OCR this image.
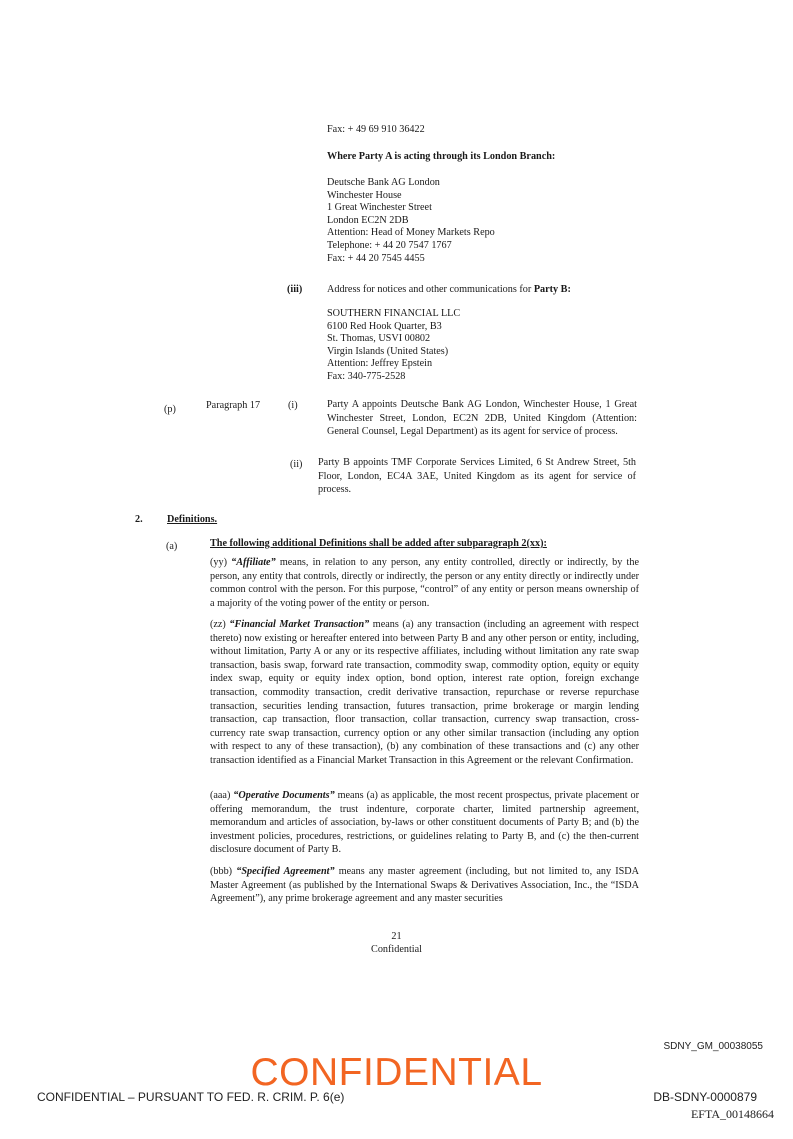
Fax: + 49 69 910 36422
Where Party A is acting through its London Branch:
Deutsche Bank AG London
Winchester House
1 Great Winchester Street
London EC2N 2DB
Attention: Head of Money Markets Repo
Telephone: + 44 20 7547 1767
Fax: + 44 20 7545 4455
(iii) Address for notices and other communications for Party B:
SOUTHERN FINANCIAL LLC
6100 Red Hook Quarter, B3
St. Thomas, USVI 00802
Virgin Islands (United States)
Attention: Jeffrey Epstein
Fax: 340-775-2528
(p)	Paragraph 17	(i)	Party A appoints Deutsche Bank AG London, Winchester House, 1 Great Winchester Street, London, EC2N 2DB, United Kingdom (Attention: General Counsel, Legal Department) as its agent for service of process.
(ii) Party B appoints TMF Corporate Services Limited, 6 St Andrew Street, 5th Floor, London, EC4A 3AE, United Kingdom as its agent for service of process.
2. Definitions.
(a)	The following additional Definitions shall be added after subparagraph 2(xx):
(yy) “Affiliate” means, in relation to any person, any entity controlled, directly or indirectly, by the person, any entity that controls, directly or indirectly, the person or any entity directly or indirectly under common control with the person. For this purpose, “control” of any entity or person means ownership of a majority of the voting power of the entity or person.
(zz) “Financial Market Transaction” means (a) any transaction (including an agreement with respect thereto) now existing or hereafter entered into between Party B and any other person or entity, including, without limitation, Party A or any or its respective affiliates, including without limitation any rate swap transaction, basis swap, forward rate transaction, commodity swap, commodity option, equity or equity index swap, equity or equity index option, bond option, interest rate option, foreign exchange transaction, commodity transaction, credit derivative transaction, repurchase or reverse repurchase transaction, securities lending transaction, futures transaction, prime brokerage or margin lending transaction, cap transaction, floor transaction, collar transaction, currency swap transaction, cross-currency rate swap transaction, currency option or any other similar transaction (including any option with respect to any of these transaction), (b) any combination of these transactions and (c) any other transaction identified as a Financial Market Transaction in this Agreement or the relevant Confirmation.
(aaa) “Operative Documents” means (a) as applicable, the most recent prospectus, private placement or offering memorandum, the trust indenture, corporate charter, limited partnership agreement, memorandum and articles of association, by-laws or other constituent documents of Party B; and (b) the investment policies, procedures, restrictions, or guidelines relating to Party B, and (c) the then-current disclosure document of Party B.
(bbb) “Specified Agreement” means any master agreement (including, but not limited to, any ISDA Master Agreement (as published by the International Swaps & Derivatives Association, Inc., the “ISDA Agreement”), any prime brokerage agreement and any master securities
21
Confidential
SDNY_GM_00038055
CONFIDENTIAL
CONFIDENTIAL – PURSUANT TO FED. R. CRIM. P. 6(e)	DB-SDNY-0000879
EFTA_00148664
